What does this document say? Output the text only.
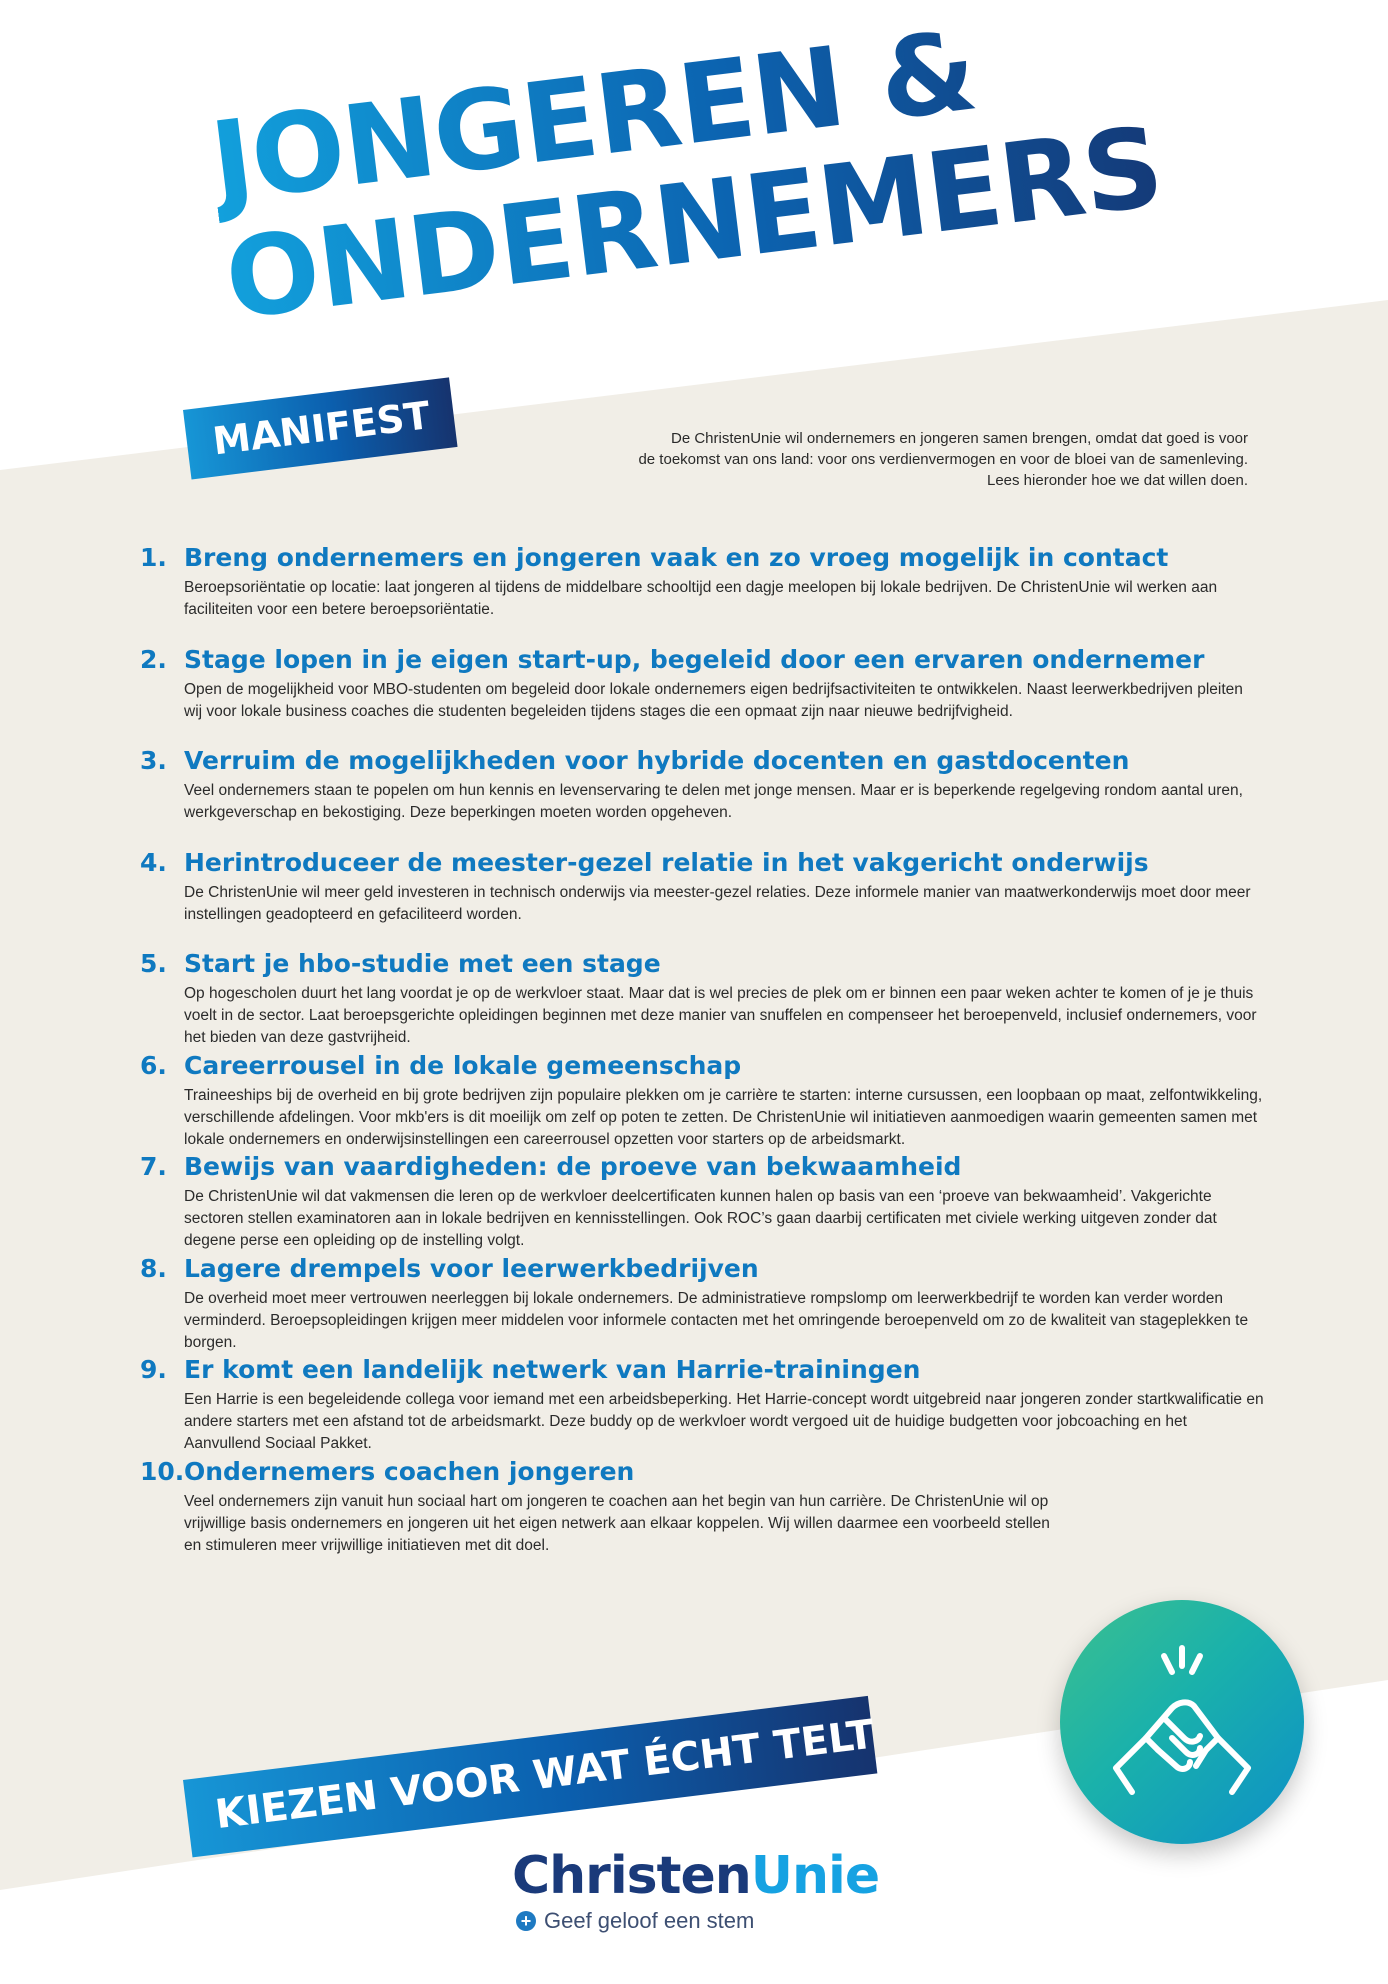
JONGEREN &
ONDERNEMERS
MANIFEST	De ChristenUnie wil ondernemers en jongeren samen brengen, omdat dat goed is voor
de toekomst van ons land: voor ons verdienvermogen en voor de bloei van de samenleving.
Lees hieronder hoe we dat willen doen.
1. Breng ondernemers en jongeren vaak en zo vroeg mogelijk in contact
Beroepsoriëntatie op locatie: laat jongeren al tijdens de middelbare schooltijd een dagje meelopen bij lokale bedrijven. De ChristenUnie wil werken aan faciliteiten voor een betere beroepsoriëntatie.
2. Stage lopen in je eigen start-up, begeleid door een ervaren ondernemer
Open de mogelijkheid voor MBO-studenten om begeleid door lokale ondernemers eigen bedrijfsactiviteiten te ontwikkelen. Naast leerwerkbedrijven pleiten wij voor lokale business coaches die studenten begeleiden tijdens stages die een opmaat zijn naar nieuwe bedrijfvigheid.
3. Verruim de mogelijkheden voor hybride docenten en gastdocenten
Veel ondernemers staan te popelen om hun kennis en levenservaring te delen met jonge mensen. Maar er is beperkende regelgeving rondom aantal uren, werkgeverschap en bekostiging. Deze beperkingen moeten worden opgeheven.
4. Herintroduceer de meester-gezel relatie in het vakgericht onderwijs
De ChristenUnie wil meer geld investeren in technisch onderwijs via meester-gezel relaties. Deze informele manier van maatwerkonderwijs moet door meer instellingen geadopteerd en gefaciliteerd worden.
5. Start je hbo-studie met een stage
Op hogescholen duurt het lang voordat je op de werkvloer staat. Maar dat is wel precies de plek om er binnen een paar weken achter te komen of je je thuis voelt in de sector. Laat beroepsgerichte opleidingen beginnen met deze manier van snuffelen en compenseer het beroepenveld, inclusief ondernemers, voor het bieden van deze gastvrijheid.
6. Careerrousel in de lokale gemeenschap
Traineeships bij de overheid en bij grote bedrijven zijn populaire plekken om je carrière te starten: interne cursussen, een loopbaan op maat, zelfontwikkeling, verschillende afdelingen. Voor mkb'ers is dit moeilijk om zelf op poten te zetten. De ChristenUnie wil initiatieven aanmoedigen waarin gemeenten samen met lokale ondernemers en onderwijsinstellingen een careerrousel opzetten voor starters op de arbeidsmarkt.
7. Bewijs van vaardigheden: de proeve van bekwaamheid
De ChristenUnie wil dat vakmensen die leren op de werkvloer deelcertificaten kunnen halen op basis van een ‘proeve van bekwaamheid’. Vakgerichte sectoren stellen examinatoren aan in lokale bedrijven en kennisstellingen. Ook ROC’s gaan daarbij certificaten met civiele werking uitgeven zonder dat degene perse een opleiding op de instelling volgt.
8. Lagere drempels voor leerwerkbedrijven
De overheid moet meer vertrouwen neerleggen bij lokale ondernemers. De administratieve rompslomp om leerwerkbedrijf te worden kan verder worden verminderd. Beroepsopleidingen krijgen meer middelen voor informele contacten met het omringende beroepenveld om zo de kwaliteit van stageplekken te borgen.
9. Er komt een landelijk netwerk van Harrie-trainingen
Een Harrie is een begeleidende collega voor iemand met een arbeidsbeperking. Het Harrie-concept wordt uitgebreid naar jongeren zonder startkwalificatie en andere starters met een afstand tot de arbeidsmarkt. Deze buddy op de werkvloer wordt vergoed uit de huidige budgetten voor jobcoaching en het Aanvullend Sociaal Pakket.
10. Ondernemers coachen jongeren
Veel ondernemers zijn vanuit hun sociaal hart om jongeren te coachen aan het begin van hun carrière. De ChristenUnie wil op vrijwillige basis ondernemers en jongeren uit het eigen netwerk aan elkaar koppelen. Wij willen daarmee een voorbeeld stellen en stimuleren meer vrijwillige initiatieven met dit doel.
KIEZEN VOOR WAT ÉCHT TELT
ChristenUnie
+ Geef geloof een stem
